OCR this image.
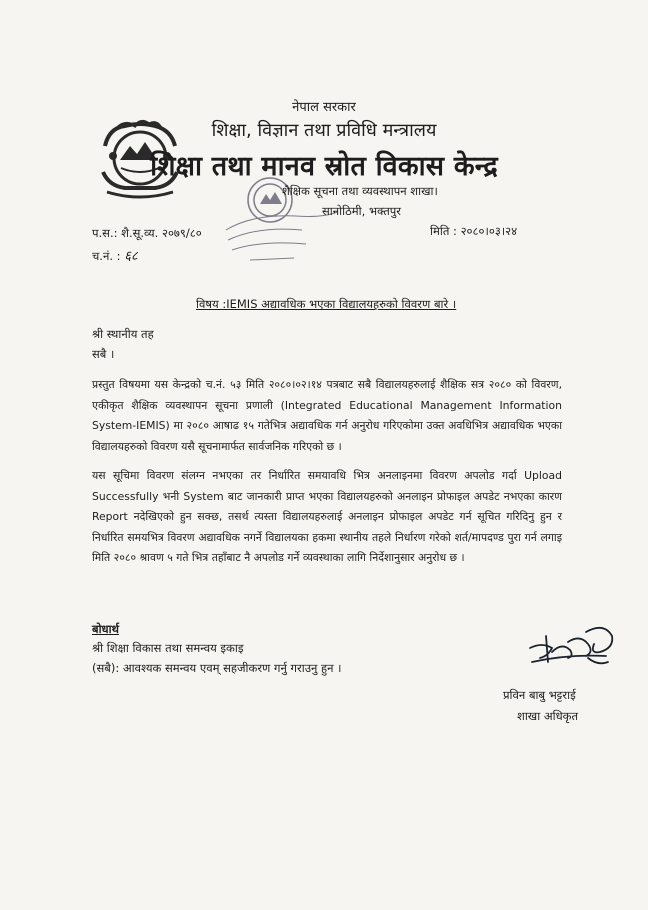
नेपाल सरकार
शिक्षा, विज्ञान तथा प्रविधि मन्त्रालय
शिक्षा तथा मानव स्रोत विकास केन्द्र
शैक्षिक सूचना तथा व्यवस्थापन शाखा।
सानोठिमी, भक्तपुर
प.स.: शै.सू.व्य. २०७९/८०	मिति : २०८०।०३।२४
च.नं. : ६८
विषय :IEMIS अद्यावधिक भएका विद्यालयहरुको विवरण बारे ।
श्री स्थानीय तह
सबै ।

प्रस्तुत विषयमा यस केन्द्रको च.नं. ५३ मिति २०८०।०२।१४ पत्रबाट सबै विद्यालयहरुलाई शैक्षिक सत्र २०८० को विवरण, एकीकृत शैक्षिक व्यवस्थापन सूचना प्रणाली (Integrated Educational Management Information System-IEMIS) मा २०८० आषाढ १५ गतेभित्र अद्यावधिक गर्न अनुरोध गरिएकोमा उक्त अवधिभित्र अद्यावधिक भएका विद्यालयहरुको विवरण यसै सूचनामार्फत सार्वजनिक गरिएको छ ।

यस सूचिमा विवरण संलग्न नभएका तर निर्धारित समयावधि भित्र अनलाइनमा विवरण अपलोड गर्दा Upload Successfully भनी System बाट जानकारी प्राप्त भएका विद्यालयहरुको अनलाइन प्रोफाइल अपडेट नभएका कारण Report नदेखिएको हुन सक्छ, तसर्थ त्यस्ता विद्यालयहरुलाई अनलाइन प्रोफाइल अपडेट गर्न सूचित गरिदिनु हुन र निर्धारित समयभित्र विवरण अद्यावधिक नगर्ने विद्यालयका हकमा स्थानीय तहले निर्धारण गरेको शर्त/मापदण्ड पुरा गर्न लगाइ मिति २०८० श्रावण ५ गते भित्र तहाँबाट नै अपलोड गर्ने व्यवस्थाका लागि निर्देशानुसार अनुरोध छ ।

बोधार्थ
श्री शिक्षा विकास तथा समन्वय इकाइ
(सबै): आवश्यक समन्वय एवम् सहजीकरण गर्नु गराउनु हुन ।
प्रविन बाबु भट्टराई
शाखा अधिकृत
